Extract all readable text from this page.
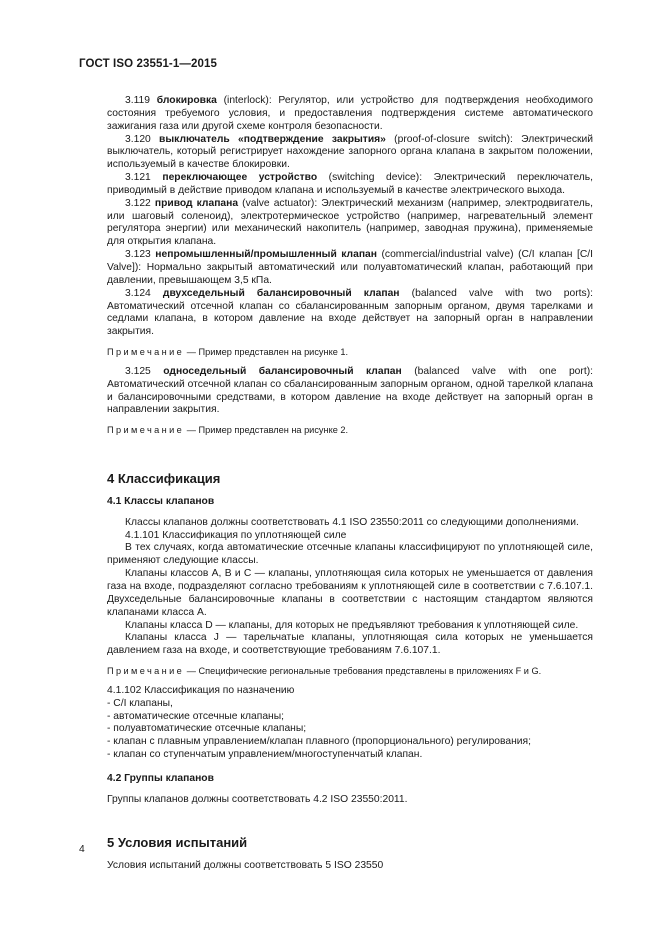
ГОСТ ISO 23551-1—2015

3.119 блокировка (interlock): Регулятор, или устройство для подтверждения необходимого состояния требуемого условия, и предоставления подтверждения системе автоматического зажигания газа или другой схеме контроля безопасности.

3.120 выключатель «подтверждение закрытия» (proof-of-closure switch): Электрический выключатель, который регистрирует нахождение запорного органа клапана в закрытом положении, используемый в качестве блокировки.

3.121 переключающее устройство (switching device): Электрический переключатель, приводимый в действие приводом клапана и используемый в качестве электрического выхода.

3.122 привод клапана (valve actuator): Электрический механизм (например, электродвигатель, или шаговый соленоид), электротермическое устройство (например, нагревательный элемент регулятора энергии) или механический накопитель (например, заводная пружина), применяемые для открытия клапана.

3.123 непромышленный/промышленный клапан (commercial/industrial valve) (C/I клапан [C/I Valve]): Нормально закрытый автоматический или полуавтоматический клапан, работающий при давлении, превышающем 3,5 кПа.

3.124 двухседельный балансировочный клапан (balanced valve with two ports): Автоматический отсечной клапан со сбалансированным запорным органом, двумя тарелками и седлами клапана, в котором давление на входе действует на запорный орган в направлении закрытия.

Примечание — Пример представлен на рисунке 1.

3.125 односедельный балансировочный клапан (balanced valve with one port): Автоматический отсечной клапан со сбалансированным запорным органом, одной тарелкой клапана и балансировочными средствами, в котором давление на входе действует на запорный орган в направлении закрытия.

Примечание — Пример представлен на рисунке 2.

4 Классификация
4.1 Классы клапанов

Классы клапанов должны соответствовать 4.1 ISO 23550:2011 со следующими дополнениями.

4.1.101 Классификация по уплотняющей силе

В тех случаях, когда автоматические отсечные клапаны классифицируют по уплотняющей силе, применяют следующие классы.

Клапаны классов A, B и C — клапаны, уплотняющая сила которых не уменьшается от давления газа на входе, подразделяют согласно требованиям к уплотняющей силе в соответствии с 7.6.107.1. Двухседельные балансировочные клапаны в соответствии с настоящим стандартом являются клапанами класса А.

Клапаны класса D — клапаны, для которых не предъявляют требования к уплотняющей силе.

Клапаны класса J — тарельчатые клапаны, уплотняющая сила которых не уменьшается давлением газа на входе, и соответствующие требованиям 7.6.107.1.

Примечание — Специфические региональные требования представлены в приложениях F и G.

4.1.102 Классификация по назначению

- C/I клапаны,

- автоматические отсечные клапаны;

- полуавтоматические отсечные клапаны;

- клапан с плавным управлением/клапан плавного (пропорционального) регулирования;

- клапан со ступенчатым управлением/многоступенчатый клапан.

4.2 Группы клапанов

Группы клапанов должны соответствовать 4.2 ISO 23550:2011.

5 Условия испытаний

Условия испытаний должны соответствовать 5 ISO 23550

4
